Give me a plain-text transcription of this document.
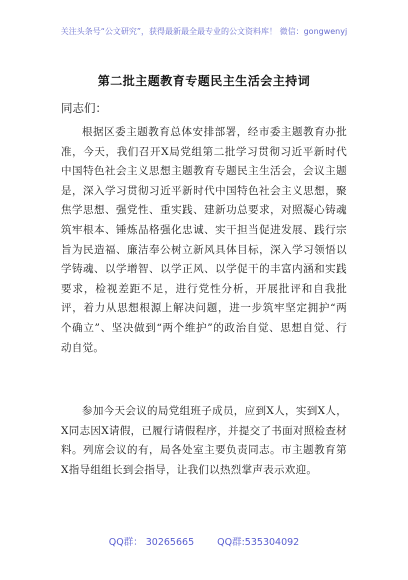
关注头条号“公文研究”，获得最新最全最专业的公文资料库！ 微信：gongwenyj
第二批主题教育专题民主生活会主持词
同志们：

根据区委主题教育总体安排部署，经市委主题教育办批准，今天，我们召开X局党组第二批学习贯彻习近平新时代中国特色社会主义思想主题教育专题民主生活会，会议主题是，深入学习贯彻习近平新时代中国特色社会主义思想，聚焦学思想、强党性、重实践、建新功总要求，对照凝心铸魂筑牢根本、锤炼品格强化忠诚、实干担当促进发展、践行宗旨为民造福、廉洁奉公树立新风具体目标，深入学习领悟以学铸魂、以学增智、以学正风、以学促干的丰富内涵和实践要求，检视差距不足，进行党性分析，开展批评和自我批评，着力从思想根源上解决问题，进一步筑牢坚定拥护“两个确立”、坚决做到“两个维护”的政治自觉、思想自觉、行动自觉。

参加今天会议的局党组班子成员，应到X人，实到X人，X同志因X请假，已履行请假程序，并提交了书面对照检查材料。列席会议的有，局各处室主要负责同志。市主题教育第X指导组组长到会指导，让我们以热烈掌声表示欢迎。

QQ群： 30265665 QQ群:535304092
